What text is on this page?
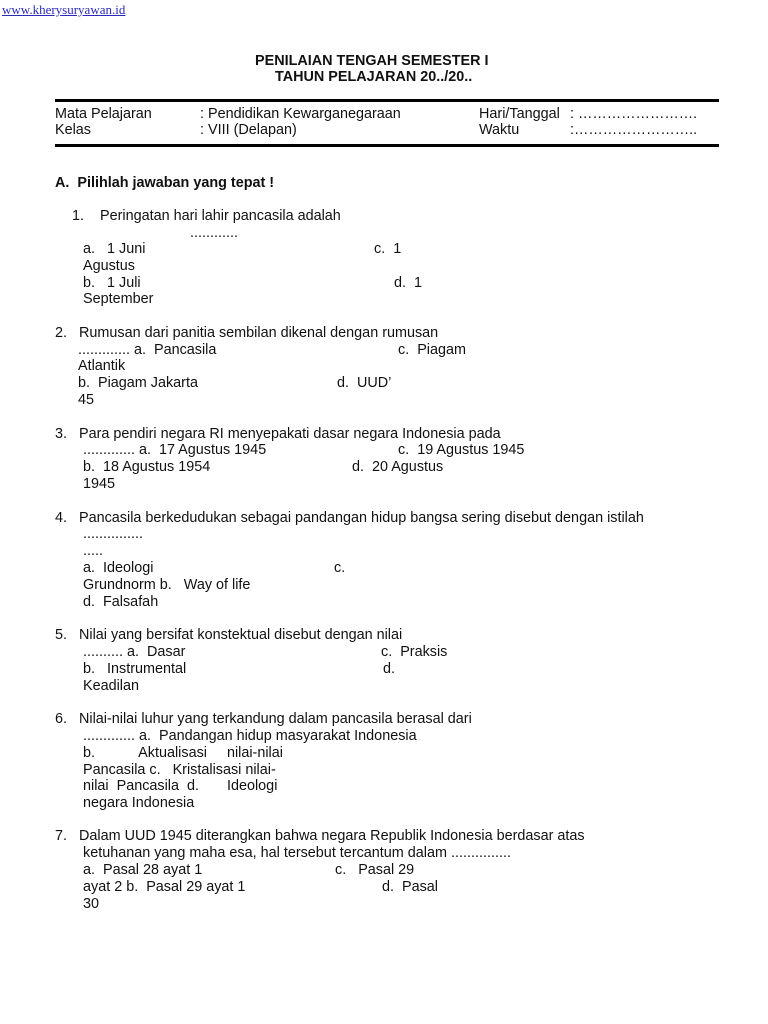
www.kherysuryawan.id
PENILAIAN TENGAH SEMESTER I
TAHUN PELAJARAN 20../20..
Mata Pelajaran	: Pendidikan Kewarganegaraan	Hari/Tanggal : …………………….
Kelas	: VIII (Delapan)	Waktu	:……………………..
A.  Pilihlah jawaban yang tepat !
1.    Peringatan hari lahir pancasila adalah
............
a.   1 Juni	c.  1
Agustus
b.   1 Juli	d.  1
September
2.   Rumusan dari panitia sembilan dikenal dengan rumusan
............. a.  Pancasila	c.  Piagam
Atlantik
b.  Piagam Jakarta	d.  UUD’
45
3.   Para pendiri negara RI menyepakati dasar negara Indonesia pada
............. a.  17 Agustus 1945	c.  19 Agustus 1945
b.  18 Agustus 1954	d.  20 Agustus
1945
4.   Pancasila berkedudukan sebagai pandangan hidup bangsa sering disebut dengan istilah
...............
.....
a.  Ideologi	c.
Grundnorm b.   Way of life
d.  Falsafah
5.   Nilai yang bersifat konstektual disebut dengan nilai
.......... a.  Dasar	c.  Praksis
b.   Instrumental	d.
Keadilan
6.   Nilai-nilai luhur yang terkandung dalam pancasila berasal dari
............. a.  Pandangan hidup masyarakat Indonesia
b.           Aktualisasi     nilai-nilai
Pancasila c.   Kristalisasi nilai-
nilai  Pancasila  d.       Ideologi
negara Indonesia
7.   Dalam UUD 1945 diterangkan bahwa negara Republik Indonesia berdasar atas
ketuhanan yang maha esa, hal tersebut tercantum dalam ...............
a.  Pasal 28 ayat 1	c.   Pasal 29
ayat 2 b.  Pasal 29 ayat 1	d.  Pasal
30
